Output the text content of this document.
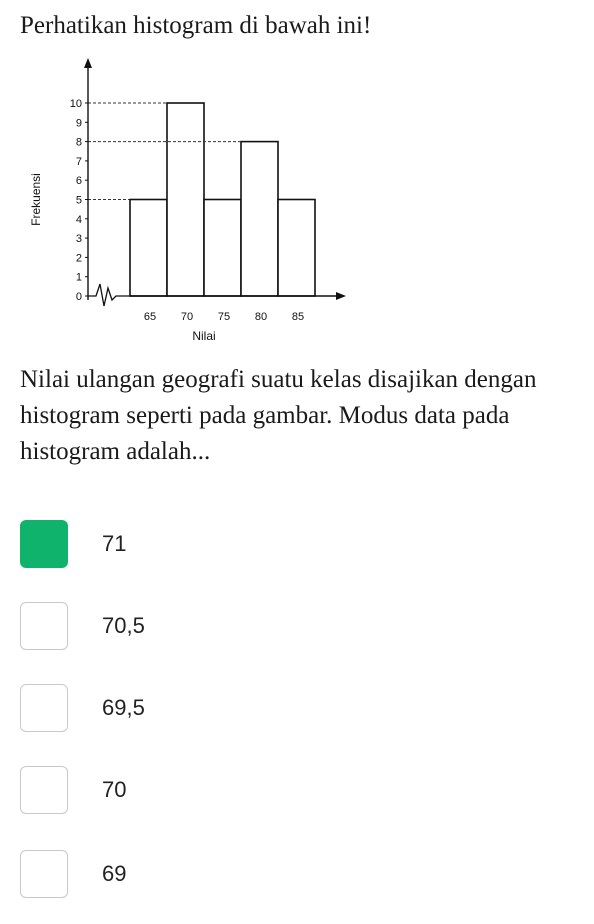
Perhatikan histogram di bawah ini!
0
1
2
3
4
5
6
7
8
9
10
65 70 75 80 85
Nilai
Frekuensi
Nilai ulangan geografi suatu kelas disajikan dengan histogram seperti pada gambar. Modus data pada histogram adalah...
71
70,5
69,5
70
69
